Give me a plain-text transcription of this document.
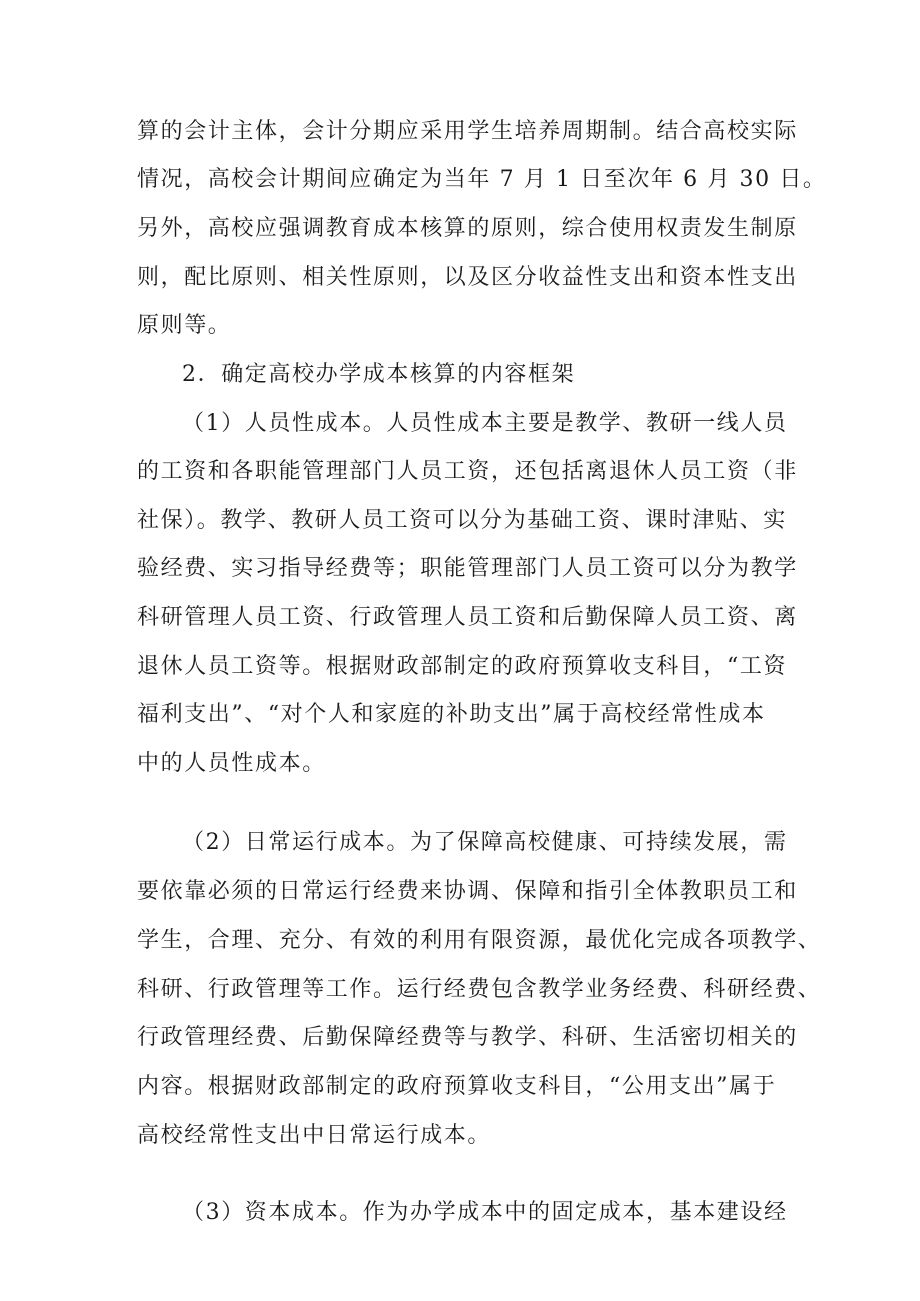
算的会计主体，会计分期应采用学生培养周期制。结合高校实际
情况，高校会计期间应确定为当年 7 月 1 日至次年 6 月 30 日。
另外，高校应强调教育成本核算的原则，综合使用权责发生制原
则，配比原则、相关性原则，以及区分收益性支出和资本性支出
原则等。
2．确定高校办学成本核算的内容框架
（1）人员性成本。人员性成本主要是教学、教研一线人员
的工资和各职能管理部门人员工资，还包括离退休人员工资（非
社保）。教学、教研人员工资可以分为基础工资、课时津贴、实
验经费、实习指导经费等；职能管理部门人员工资可以分为教学
科研管理人员工资、行政管理人员工资和后勤保障人员工资、离
退休人员工资等。根据财政部制定的政府预算收支科目，“工资
福利支出”、“对个人和家庭的补助支出”属于高校经常性成本
中的人员性成本。
（2）日常运行成本。为了保障高校健康、可持续发展，需
要依靠必须的日常运行经费来协调、保障和指引全体教职员工和
学生，合理、充分、有效的利用有限资源，最优化完成各项教学、
科研、行政管理等工作。运行经费包含教学业务经费、科研经费、
行政管理经费、后勤保障经费等与教学、科研、生活密切相关的
内容。根据财政部制定的政府预算收支科目，“公用支出”属于
高校经常性支出中日常运行成本。
（3）资本成本。作为办学成本中的固定成本，基本建设经
